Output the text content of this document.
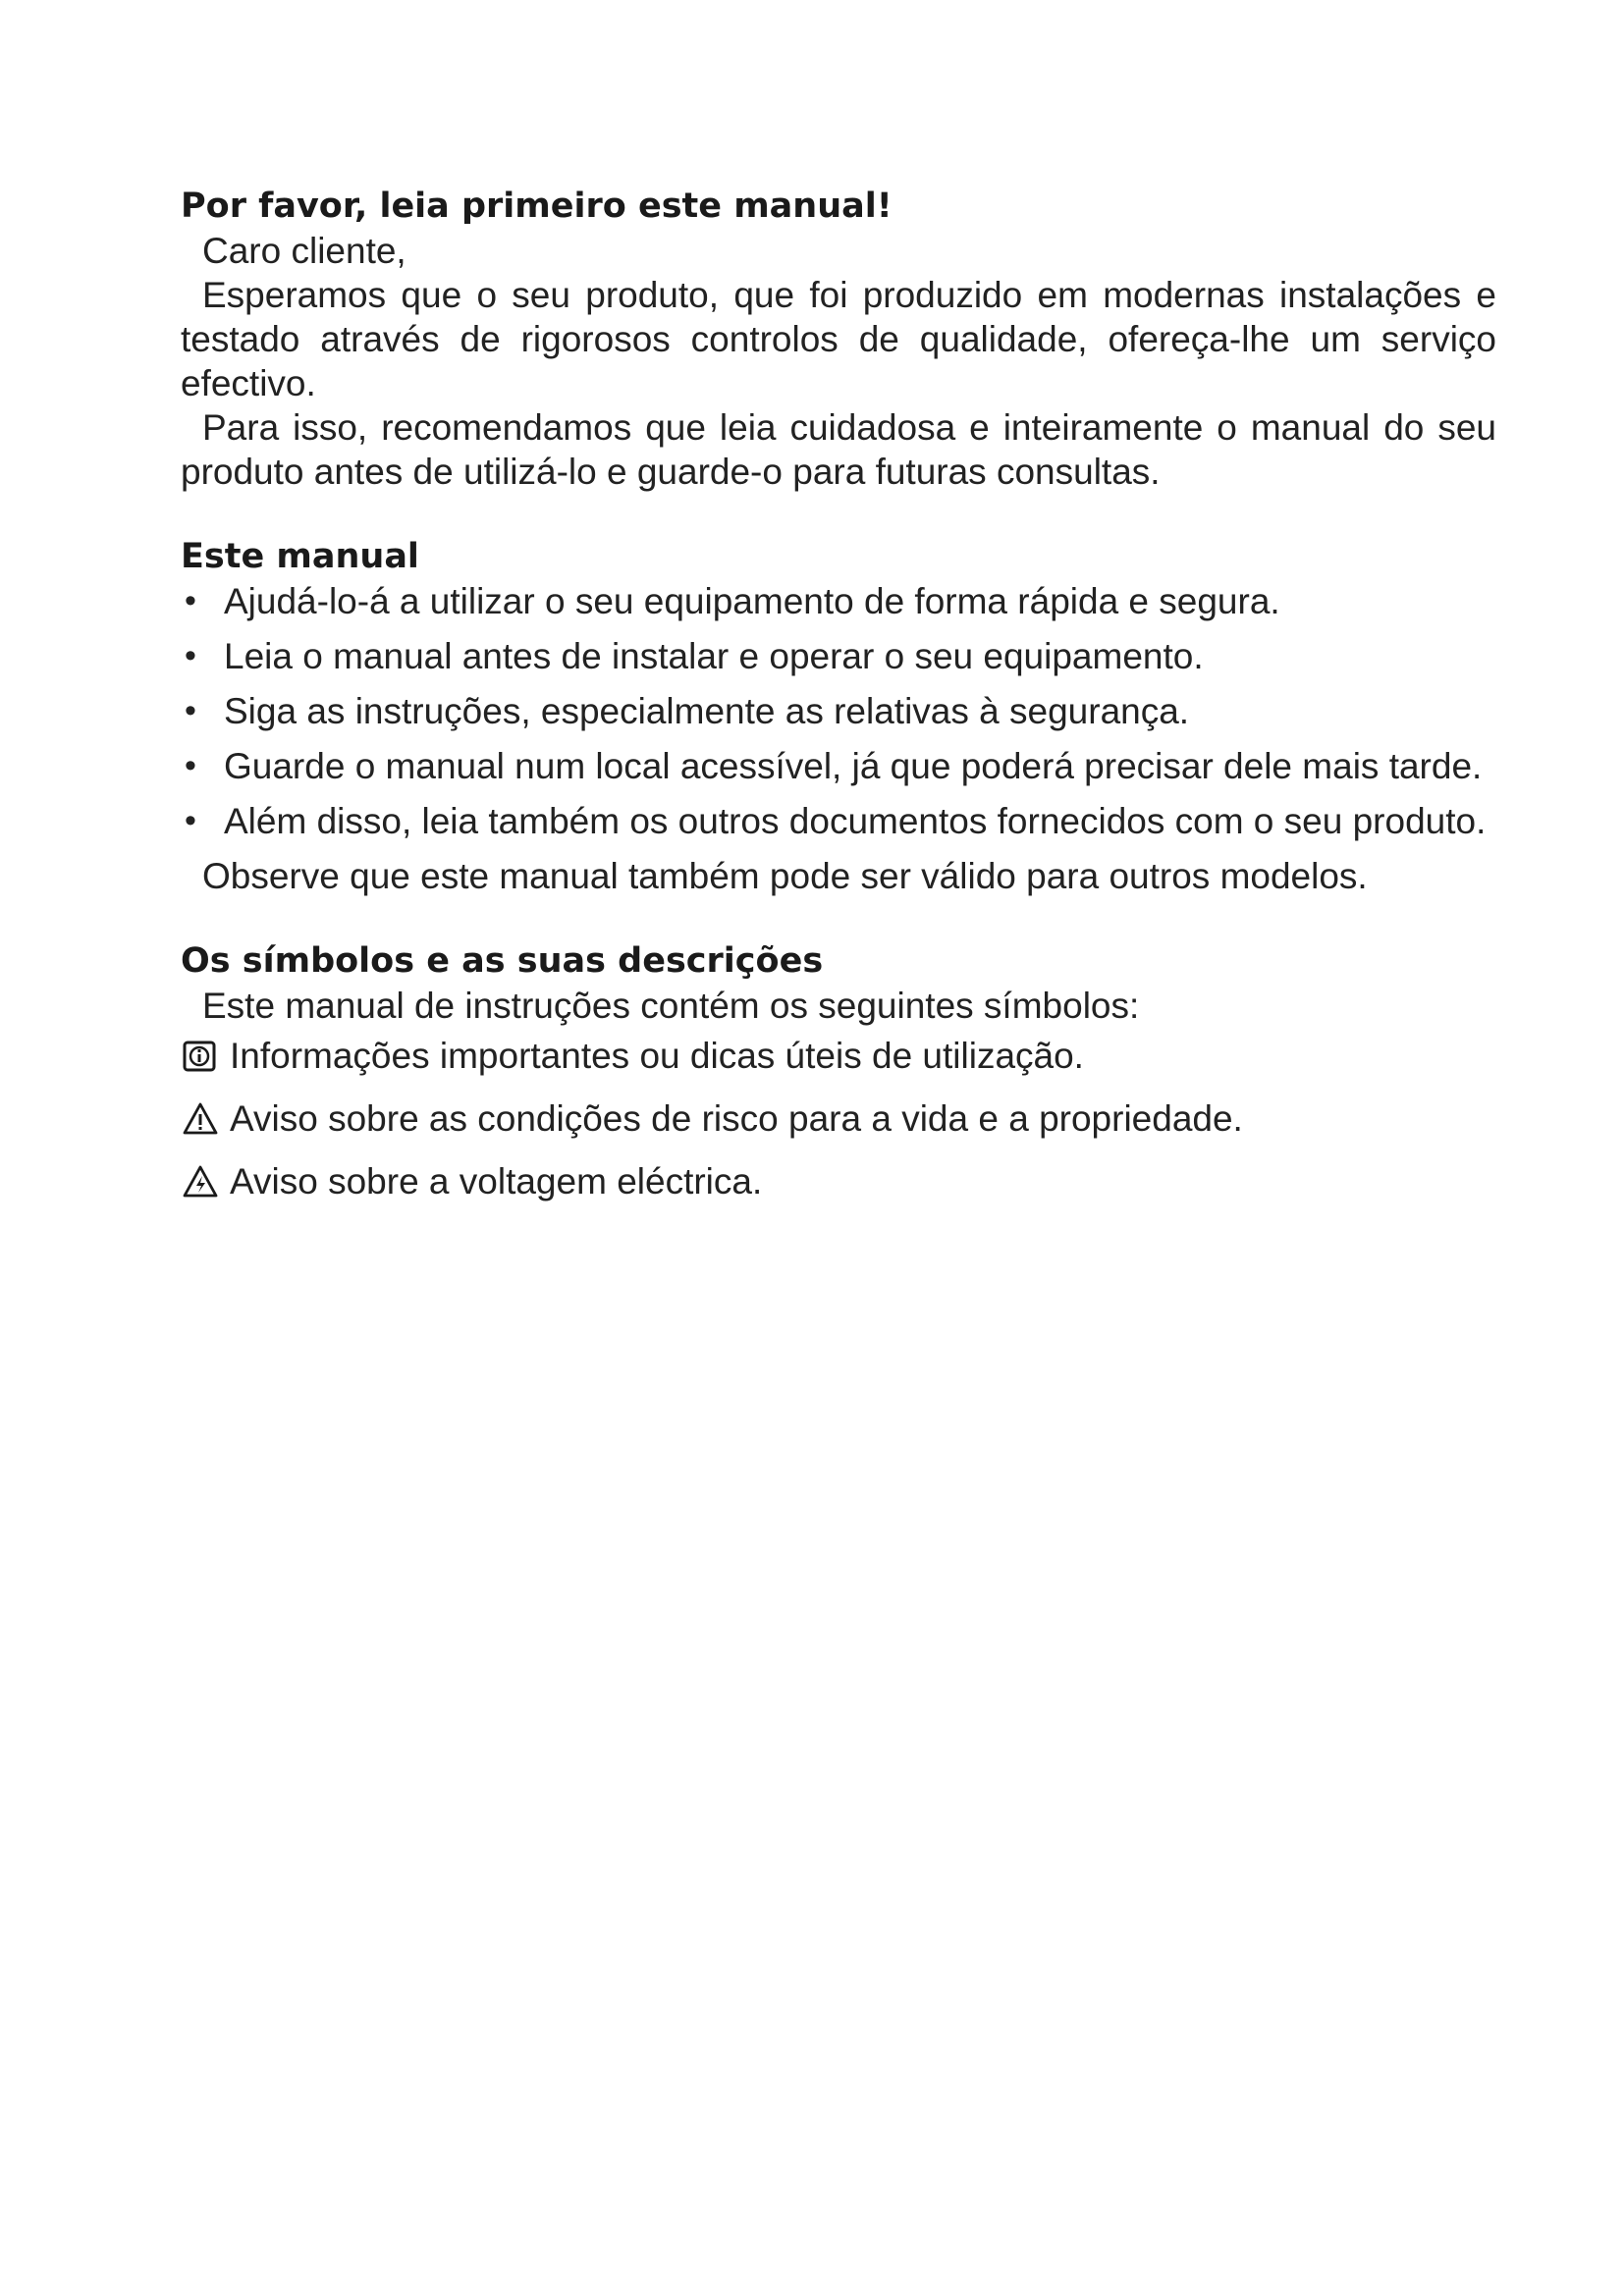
Por favor, leia primeiro este manual!

Caro cliente,

Esperamos que o seu produto, que foi produzido em modernas instalações e testado através de rigorosos controlos de qualidade, ofereça-lhe um serviço efectivo.

Para isso, recomendamos que leia cuidadosa e inteiramente o manual do seu produto antes de utilizá-lo e guarde-o para futuras consultas.

Este manual
• Ajudá-lo-á a utilizar o seu equipamento de forma rápida e segura.
• Leia o manual antes de instalar e operar o seu equipamento.
• Siga as instruções, especialmente as relativas à segurança.
• Guarde o manual num local acessível, já que poderá precisar dele mais tarde.
• Além disso, leia também os outros documentos fornecidos com o seu produto.

Observe que este manual também pode ser válido para outros modelos.

Os símbolos e as suas descrições

Este manual de instruções contém os seguintes símbolos:

Informações importantes ou dicas úteis de utilização.
Aviso sobre as condições de risco para a vida e a propriedade.
Aviso sobre a voltagem eléctrica.
